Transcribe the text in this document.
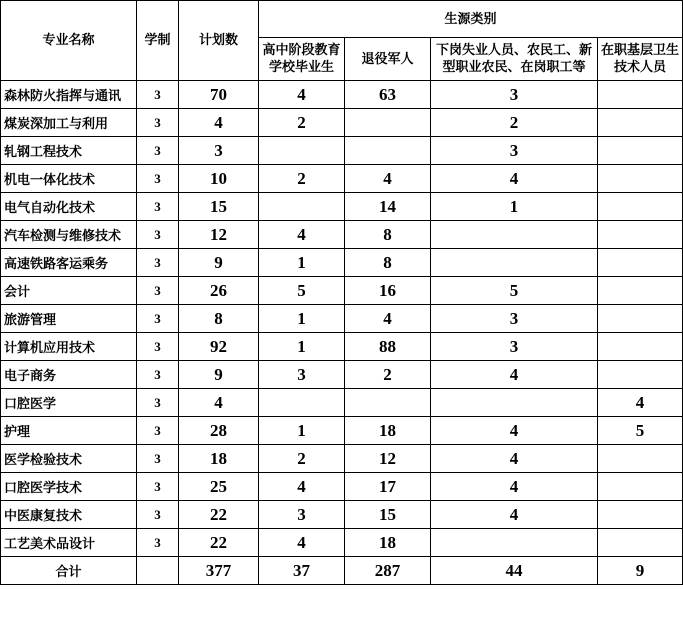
专业名称	学制	计划数	生源类别			
			高中阶段教育学校毕业生	退役军人	下岗失业人员、农民工、新型职业农民、在岗职工等	在职基层卫生技术人员
森林防火指挥与通讯	3	70	4	63	3	
煤炭深加工与利用	3	4	2		2	
轧钢工程技术	3	3			3	
机电一体化技术	3	10	2	4	4	
电气自动化技术	3	15		14	1	
汽车检测与维修技术	3	12	4	8		
高速铁路客运乘务	3	9	1	8		
会计	3	26	5	16	5	
旅游管理	3	8	1	4	3	
计算机应用技术	3	92	1	88	3	
电子商务	3	9	3	2	4	
口腔医学	3	4				4
护理	3	28	1	18	4	5
医学检验技术	3	18	2	12	4	
口腔医学技术	3	25	4	17	4	
中医康复技术	3	22	3	15	4	
工艺美术品设计	3	22	4	18		
合计		377	37	287	44	9
